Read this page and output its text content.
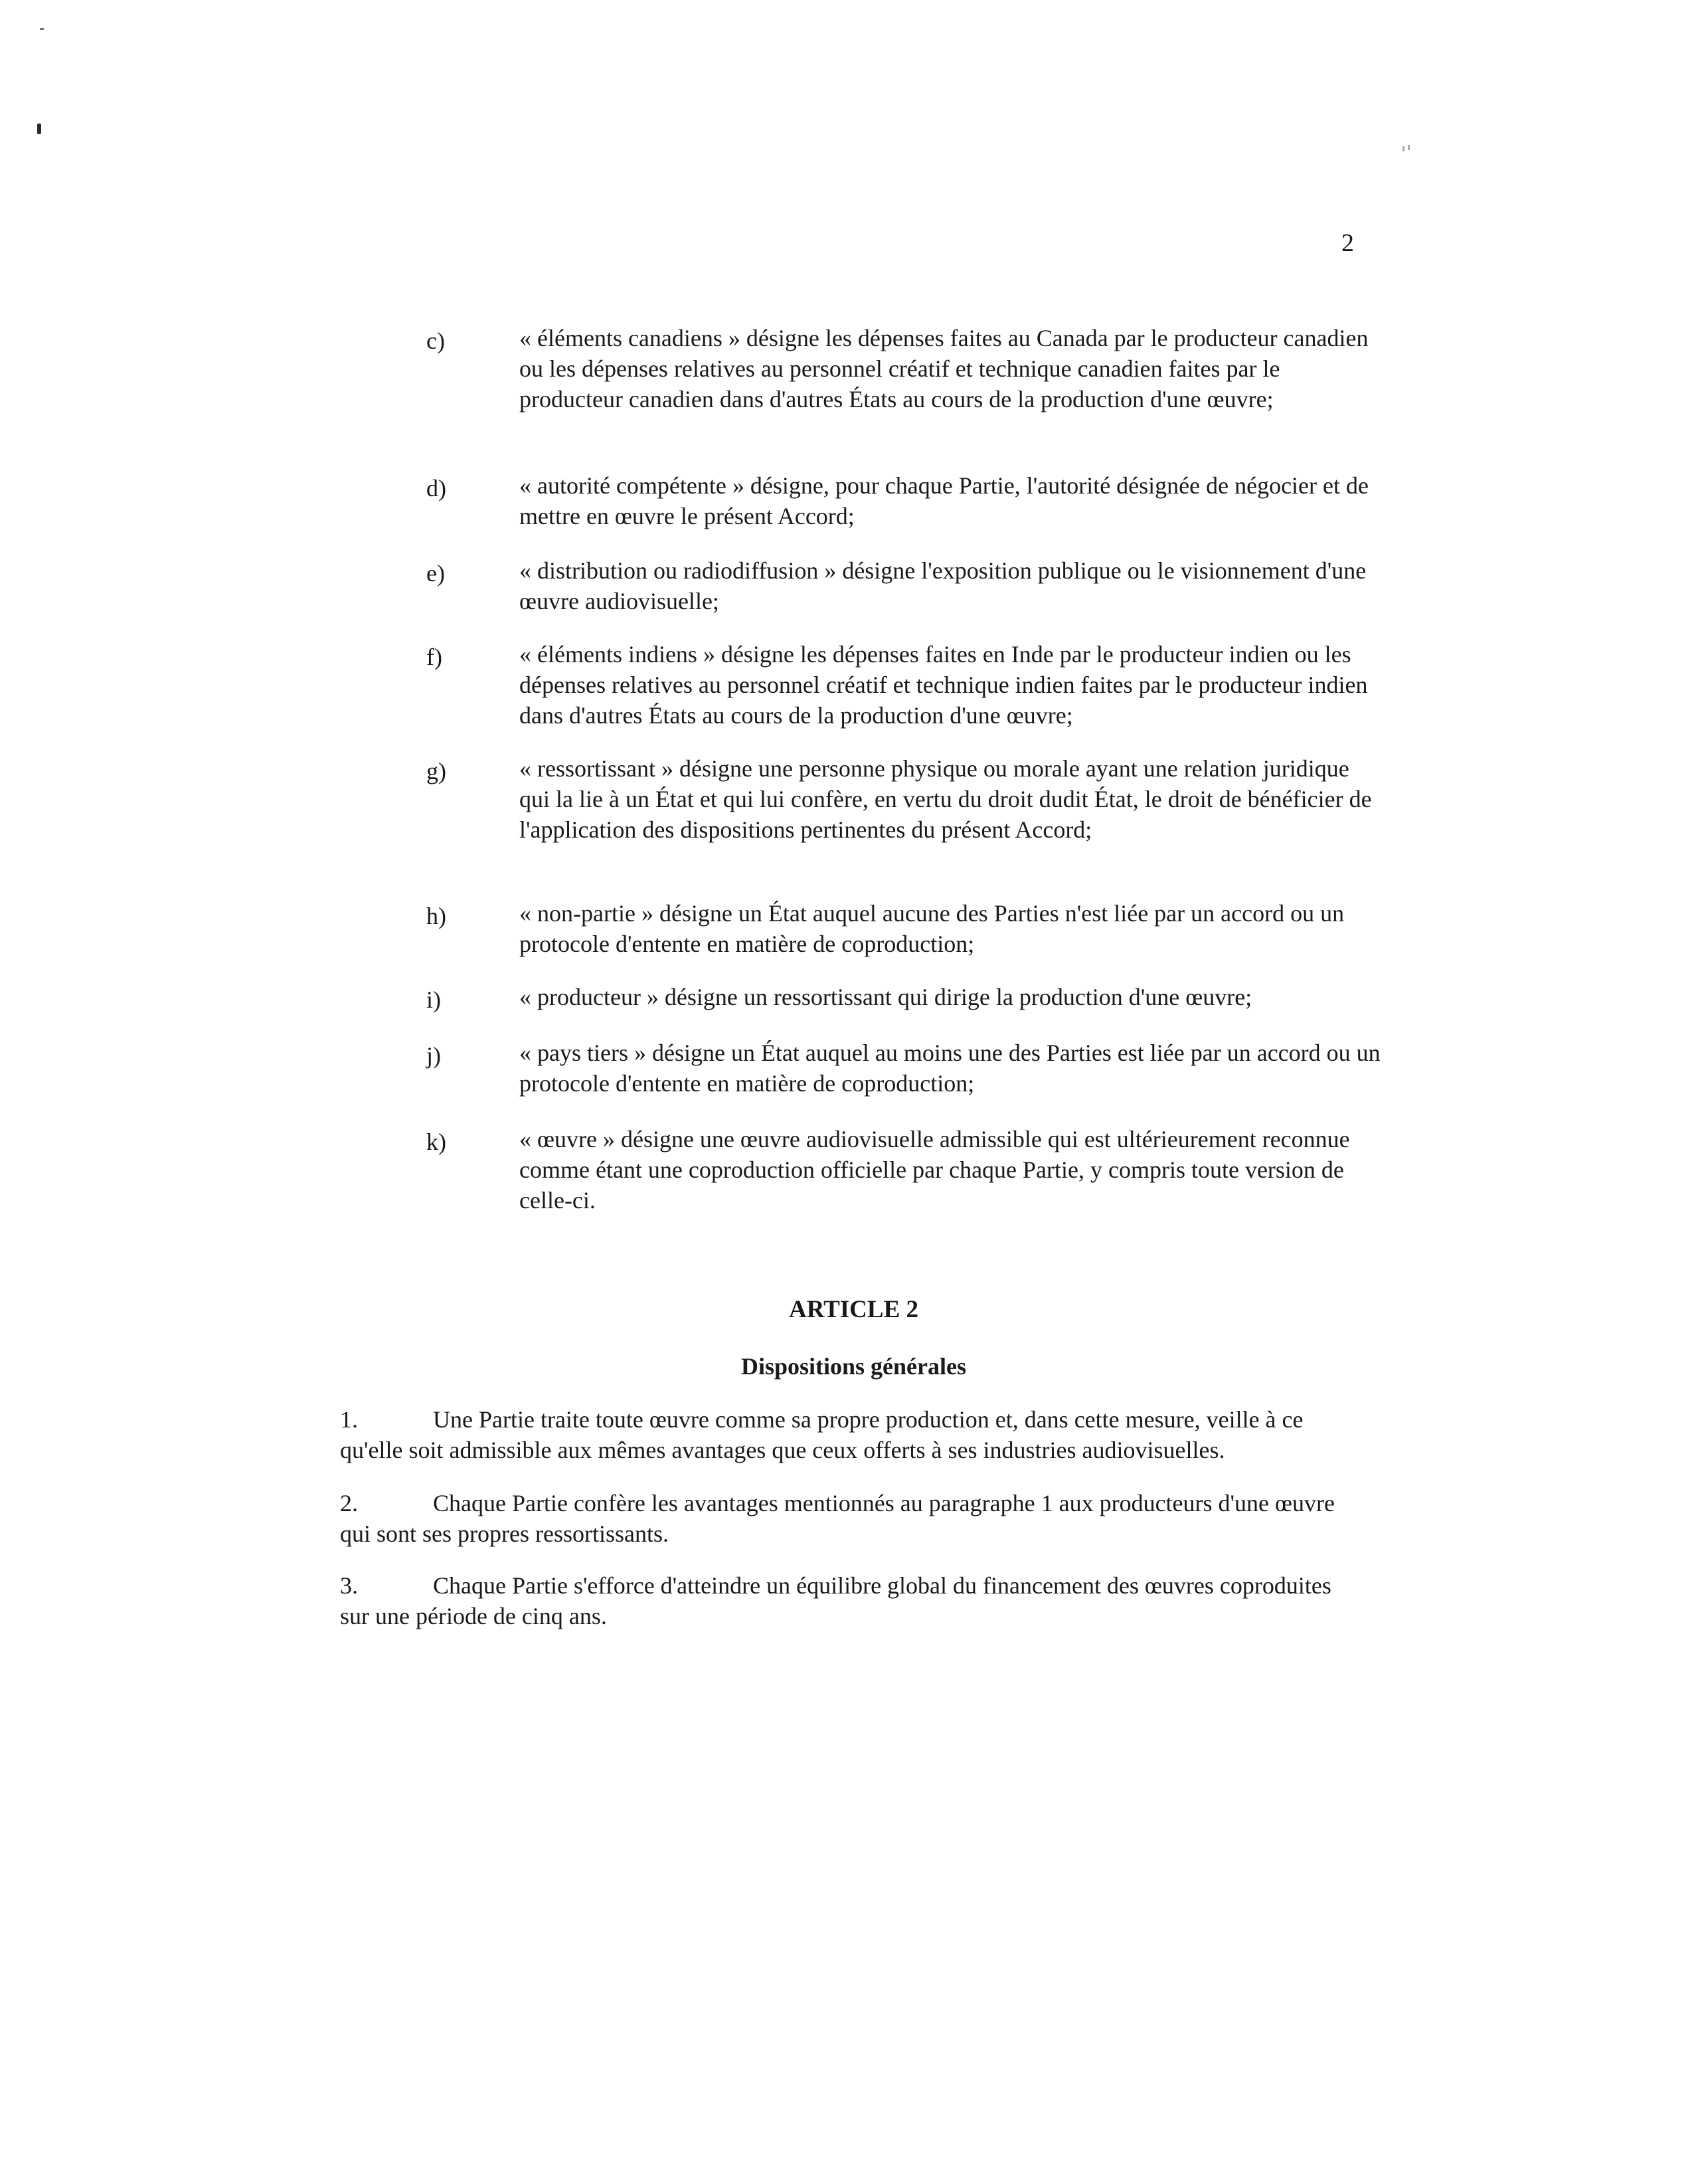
2
c)	« éléments canadiens » désigne les dépenses faites au Canada par le producteur canadien ou les dépenses relatives au personnel créatif et technique canadien faites par le producteur canadien dans d'autres États au cours de la production d'une œuvre;
d)	« autorité compétente » désigne, pour chaque Partie, l'autorité désignée de négocier et de mettre en œuvre le présent Accord;
e)	« distribution ou radiodiffusion » désigne l'exposition publique ou le visionnement d'une œuvre audiovisuelle;
f)	« éléments indiens » désigne les dépenses faites en Inde par le producteur indien ou les dépenses relatives au personnel créatif et technique indien faites par le producteur indien dans d'autres États au cours de la production d'une œuvre;
g)	« ressortissant » désigne une personne physique ou morale ayant une relation juridique qui la lie à un État et qui lui confère, en vertu du droit dudit État, le droit de bénéficier de l'application des dispositions pertinentes du présent Accord;
h)	« non-partie » désigne un État auquel aucune des Parties n'est liée par un accord ou un protocole d'entente en matière de coproduction;
i)	« producteur » désigne un ressortissant qui dirige la production d'une œuvre;
j)	« pays tiers » désigne un État auquel au moins une des Parties est liée par un accord ou un protocole d'entente en matière de coproduction;
k)	« œuvre » désigne une œuvre audiovisuelle admissible qui est ultérieurement reconnue comme étant une coproduction officielle par chaque Partie, y compris toute version de celle-ci.
ARTICLE 2
Dispositions générales
1.	Une Partie traite toute œuvre comme sa propre production et, dans cette mesure, veille à ce qu'elle soit admissible aux mêmes avantages que ceux offerts à ses industries audiovisuelles.
2.	Chaque Partie confère les avantages mentionnés au paragraphe 1 aux producteurs d'une œuvre qui sont ses propres ressortissants.
3.	Chaque Partie s'efforce d'atteindre un équilibre global du financement des œuvres coproduites sur une période de cinq ans.
